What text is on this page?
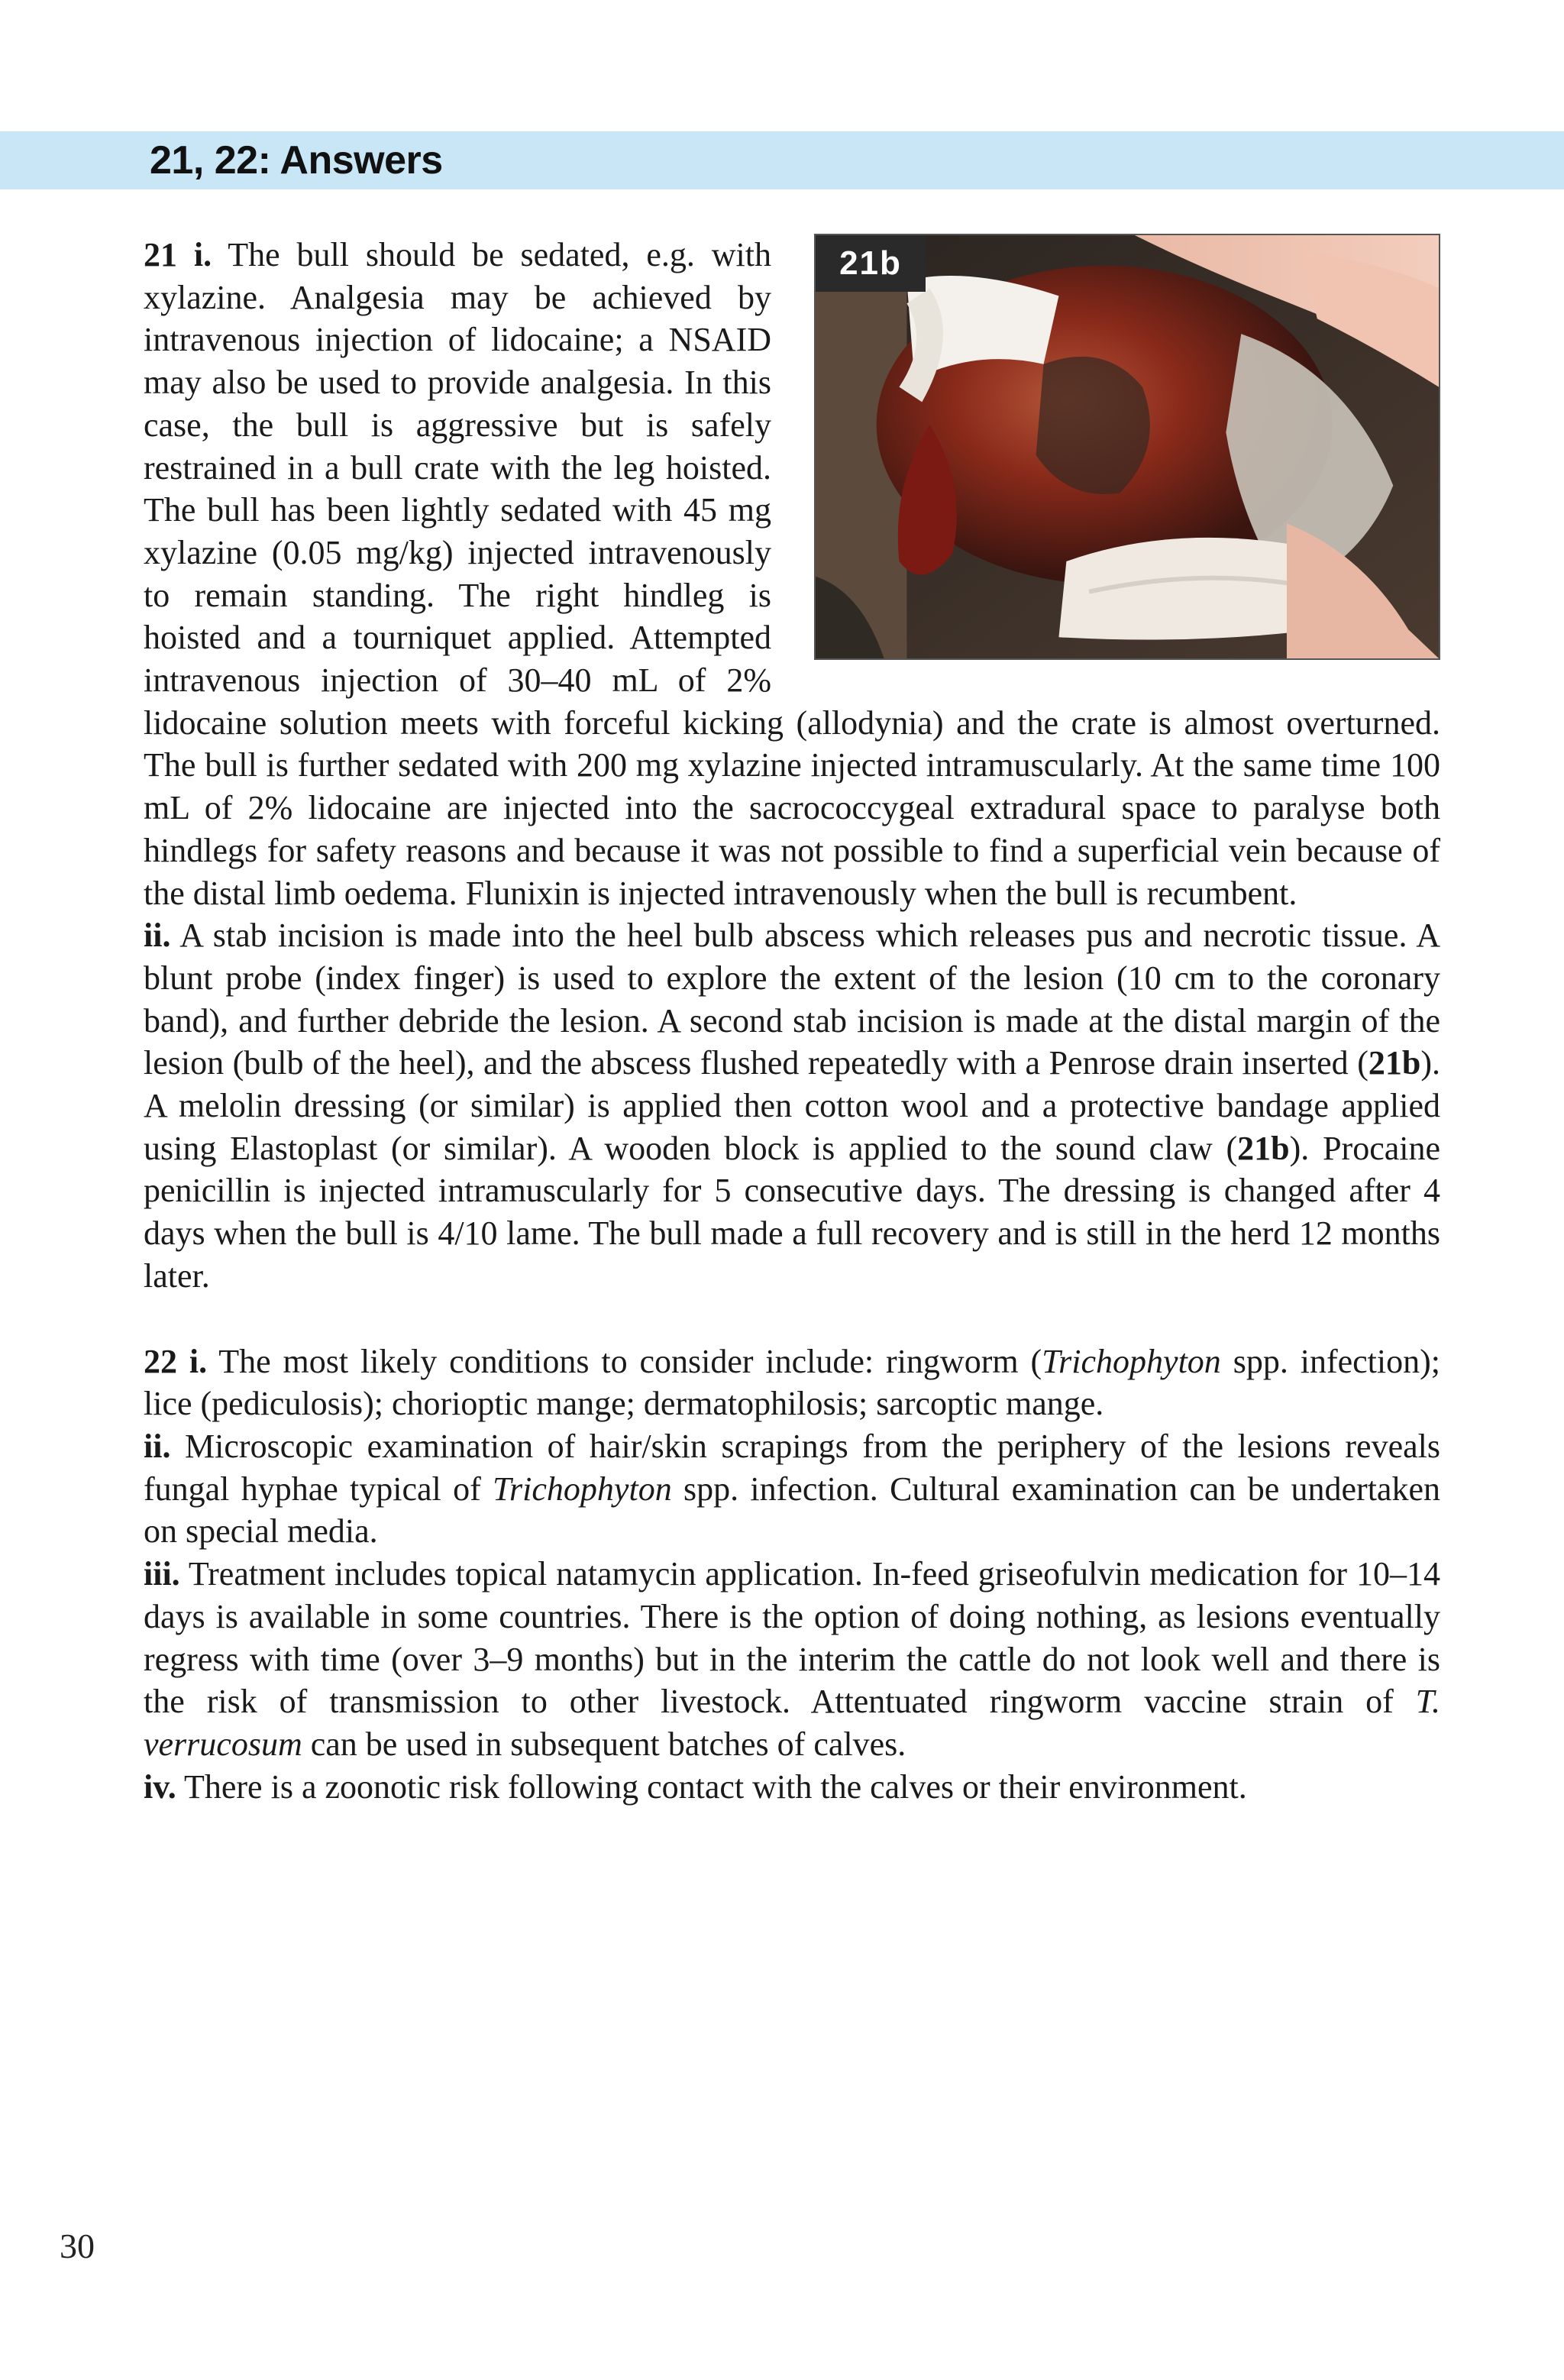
21, 22: Answers
21b

21 i. The bull should be sedated, e.g. with xylazine. Analgesia may be achieved by intravenous injection of lidocaine; a NSAID may also be used to provide analgesia. In this case, the bull is aggressive but is safely restrained in a bull crate with the leg hoisted. The bull has been lightly sedated with 45 mg xylazine (0.05 mg/kg) injected intravenously to remain standing. The right hindleg is hoisted and a tourniquet applied. Attempted intravenous injection of 30–40 mL of 2% lidocaine solution meets with forceful kicking (allodynia) and the crate is almost overturned. The bull is further sedated with 200 mg xylazine injected intramuscularly. At the same time 100 mL of 2% lidocaine are injected into the sacrococcygeal extradural space to paralyse both hindlegs for safety reasons and because it was not possible to find a superficial vein because of the distal limb oedema. Flunixin is injected intravenously when the bull is recumbent.

ii. A stab incision is made into the heel bulb abscess which releases pus and necrotic tissue. A blunt probe (index finger) is used to explore the extent of the lesion (10 cm to the coronary band), and further debride the lesion. A second stab incision is made at the distal margin of the lesion (bulb of the heel), and the abscess flushed repeatedly with a Penrose drain inserted (21b). A melolin dressing (or similar) is applied then cotton wool and a protective bandage applied using Elastoplast (or similar). A wooden block is applied to the sound claw (21b). Procaine penicillin is injected intramuscularly for 5 consecutive days. The dressing is changed after 4 days when the bull is 4/10 lame. The bull made a full recovery and is still in the herd 12 months later.

22 i. The most likely conditions to consider include: ringworm (Trichophyton spp. infection); lice (pediculosis); chorioptic mange; dermatophilosis; sarcoptic mange.

ii. Microscopic examination of hair/skin scrapings from the periphery of the lesions reveals fungal hyphae typical of Trichophyton spp. infection. Cultural examination can be undertaken on special media.

iii. Treatment includes topical natamycin application. In-feed griseofulvin medication for 10–14 days is available in some countries. There is the option of doing nothing, as lesions eventually regress with time (over 3–9 months) but in the interim the cattle do not look well and there is the risk of transmission to other livestock. Attentuated ringworm vaccine strain of T. verrucosum can be used in subsequent batches of calves.

iv. There is a zoonotic risk following contact with the calves or their environment.

30
